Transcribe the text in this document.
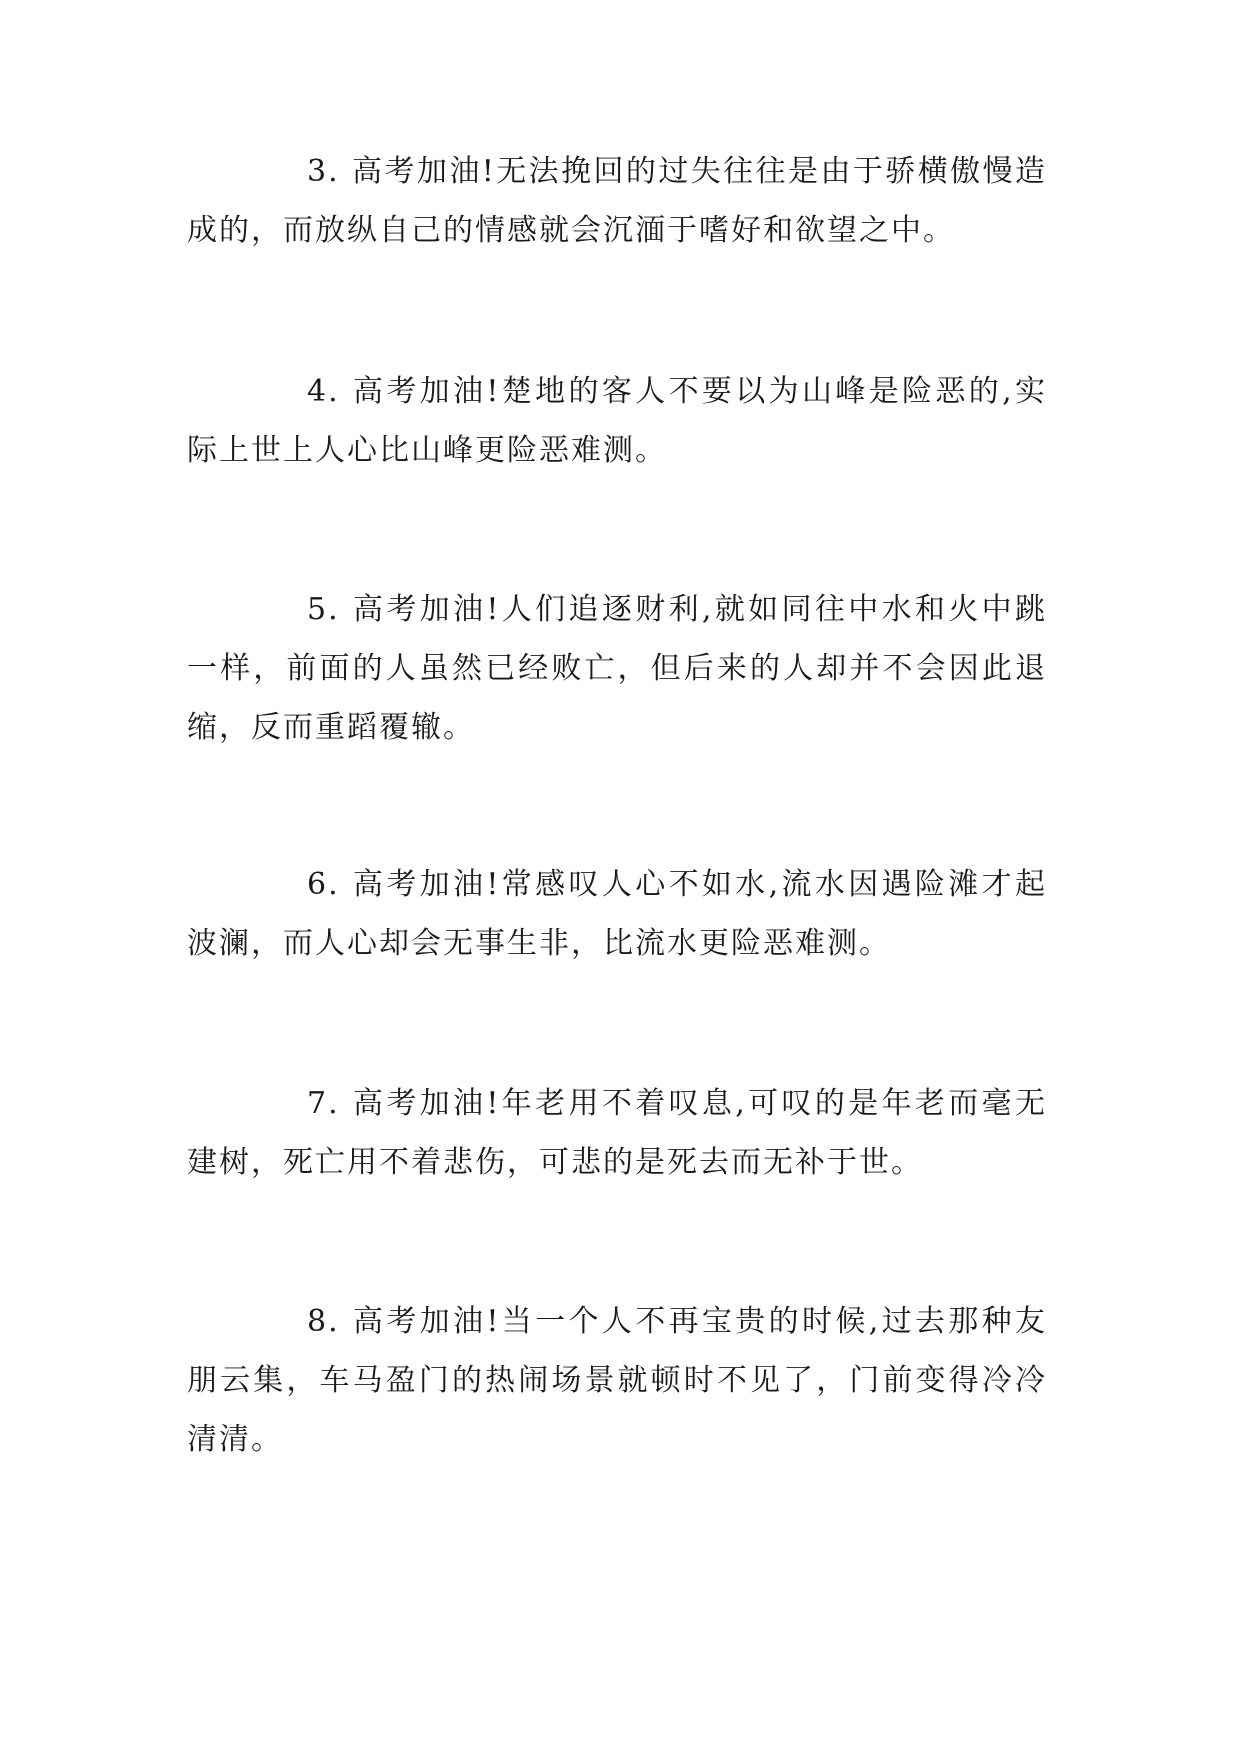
3. 高考加油!无法挽回的过失往往是由于骄横傲慢造成的，而放纵自己的情感就会沉湎于嗜好和欲望之中。

4. 高考加油!楚地的客人不要以为山峰是险恶的,实际上世上人心比山峰更险恶难测。

5. 高考加油!人们追逐财利,就如同往中水和火中跳一样，前面的人虽然已经败亡，但后来的人却并不会因此退缩，反而重蹈覆辙。

6. 高考加油!常感叹人心不如水,流水因遇险滩才起波澜，而人心却会无事生非，比流水更险恶难测。

7. 高考加油!年老用不着叹息,可叹的是年老而毫无建树，死亡用不着悲伤，可悲的是死去而无补于世。

8. 高考加油!当一个人不再宝贵的时候,过去那种友朋云集，车马盈门的热闹场景就顿时不见了，门前变得冷冷清清。
